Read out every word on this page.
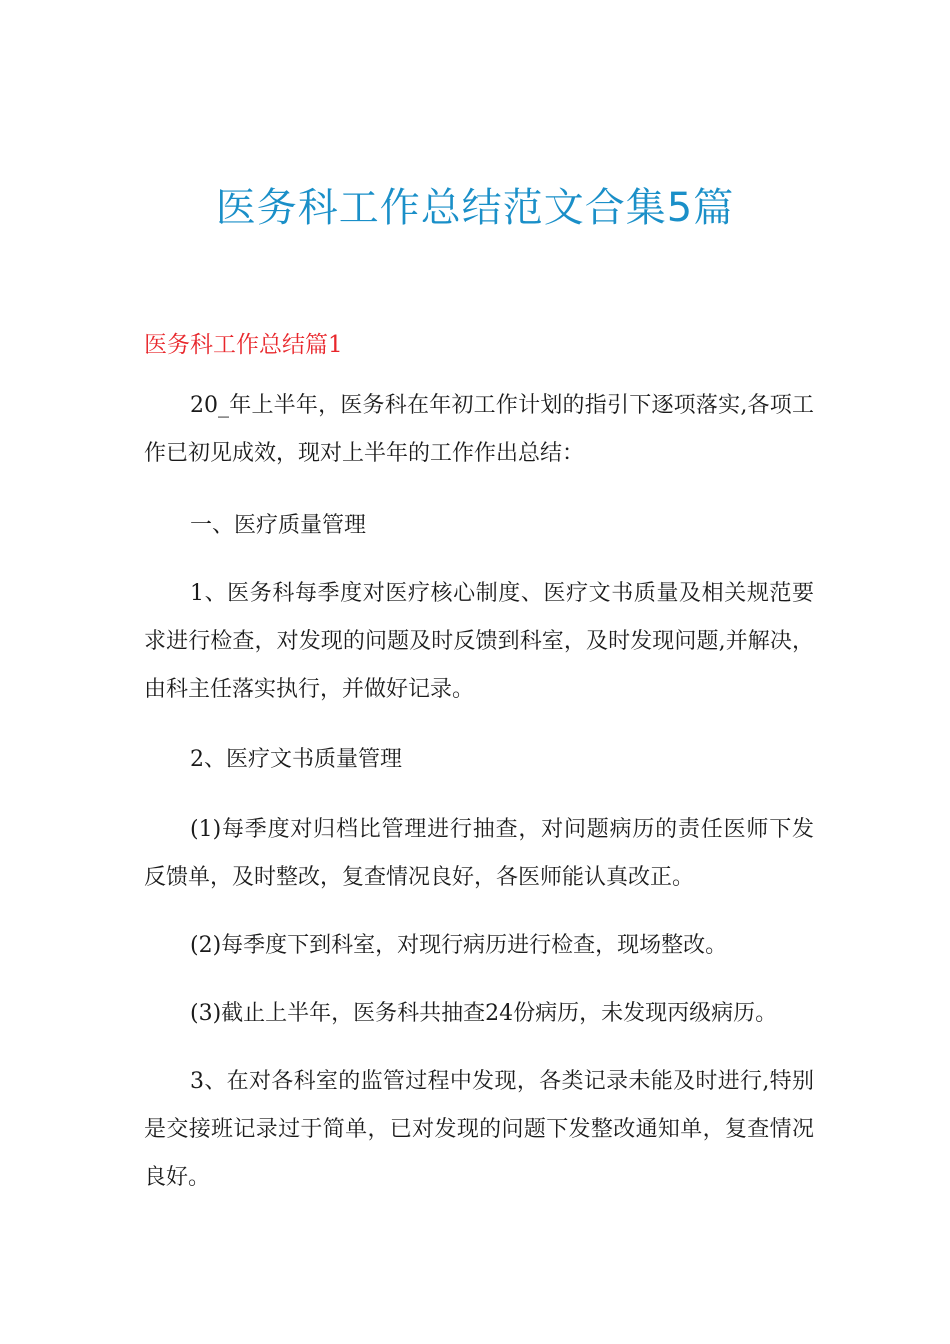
医务科工作总结范文合集5篇
医务科工作总结篇1

20_年上半年，医务科在年初工作计划的指引下逐项落实,各项工作已初见成效，现对上半年的工作作出总结：

一、医疗质量管理

1、医务科每季度对医疗核心制度、医疗文书质量及相关规范要求进行检查，对发现的问题及时反馈到科室，及时发现问题,并解决，由科主任落实执行，并做好记录。

2、医疗文书质量管理

(1)每季度对归档比管理进行抽查，对问题病历的责任医师下发反馈单，及时整改，复查情况良好，各医师能认真改正。

(2)每季度下到科室，对现行病历进行检查，现场整改。

(3)截止上半年，医务科共抽查24份病历，未发现丙级病历。

3、在对各科室的监管过程中发现，各类记录未能及时进行,特别是交接班记录过于简单，已对发现的问题下发整改通知单，复查情况良好。
